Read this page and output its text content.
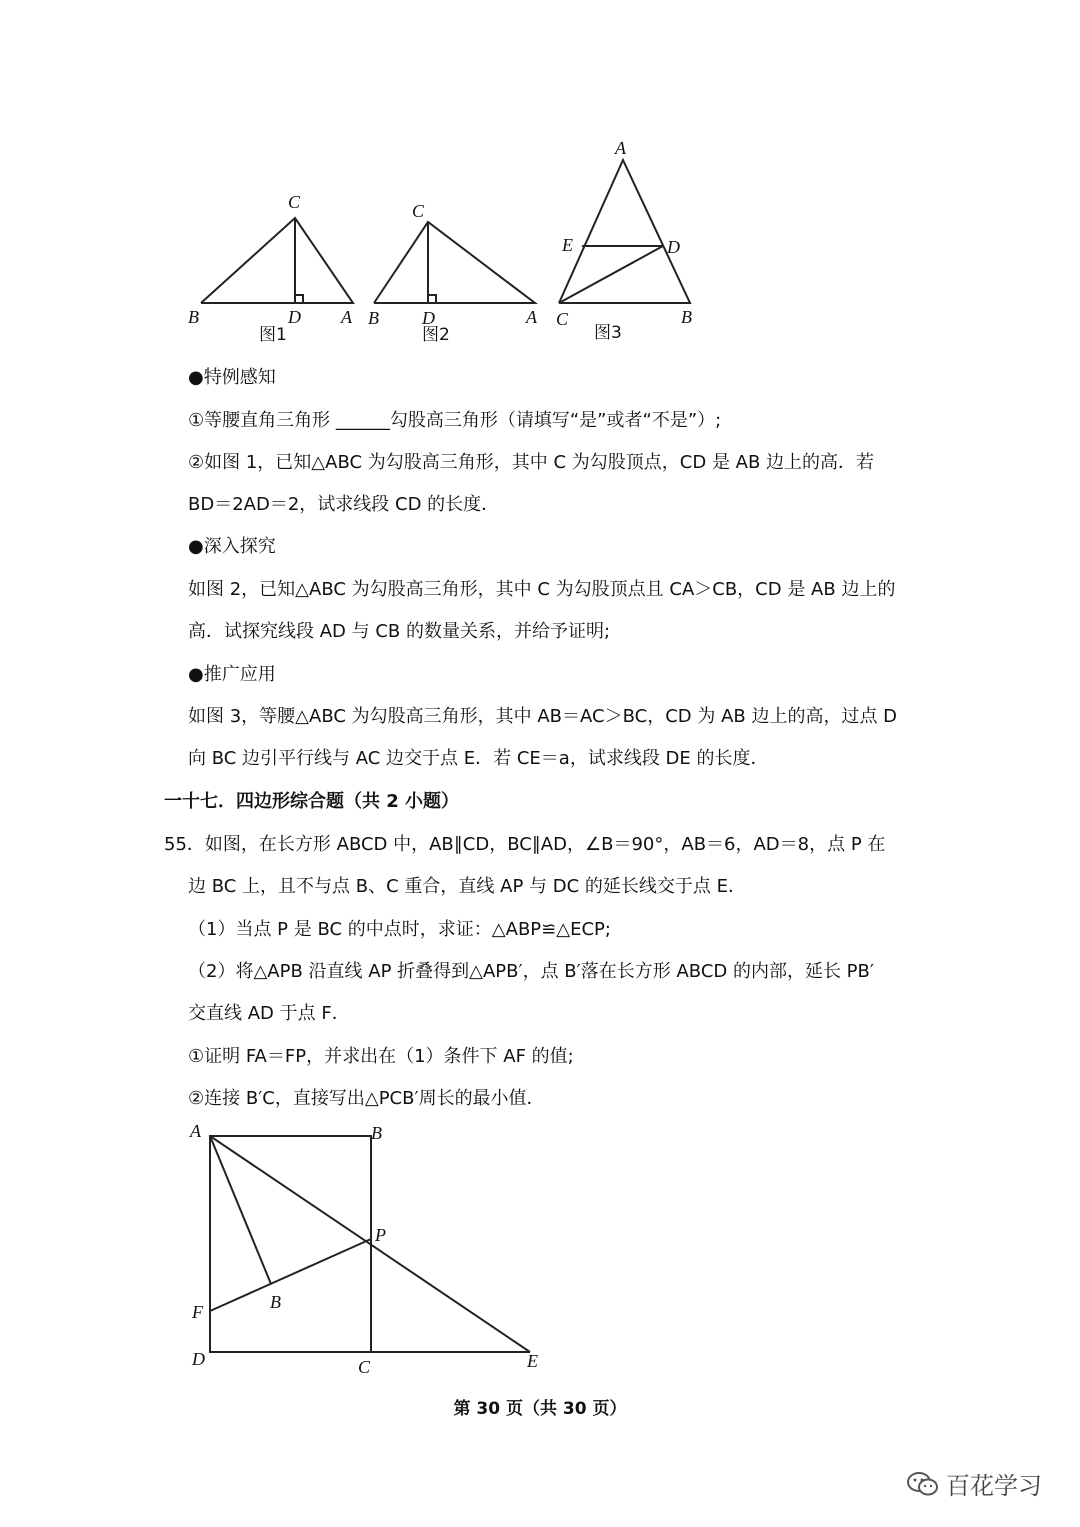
C
B	D A
C
B D	A
A
E	D
C	B
图1	图2	图3
●特例感知
①等腰直角三角形 ______勾股高三角形（请填写“是”或者“不是”）;
②如图 1，已知△ABC 为勾股高三角形，其中 C 为勾股顶点，CD 是 AB 边上的高．若
BD＝2AD＝2，试求线段 CD 的长度．
●深入探究
如图 2，已知△ABC 为勾股高三角形，其中 C 为勾股顶点且 CA＞CB，CD 是 AB 边上的
高．试探究线段 AD 与 CB 的数量关系，并给予证明;
●推广应用
如图 3，等腰△ABC 为勾股高三角形，其中 AB＝AC＞BC，CD 为 AB 边上的高，过点 D
向 BC 边引平行线与 AC 边交于点 E．若 CE＝a，试求线段 DE 的长度．
一十七．四边形综合题（共 2 小题）
55．如图，在长方形 ABCD 中，AB∥CD，BC∥AD，∠B＝90°，AB＝6，AD＝8，点 P 在
边 BC 上，且不与点 B、C 重合，直线 AP 与 DC 的延长线交于点 E．
（1）当点 P 是 BC 的中点时，求证：△ABP≌△ECP;
（2）将△APB 沿直线 AP 折叠得到△APB′，点 B′落在长方形 ABCD 的内部，延长 PB′
交直线 AD 于点 F．
①证明 FA＝FP，并求出在（1）条件下 AF 的值;
②连接 B′C，直接写出△PCB′周长的最小值．
A	B
P
B
F
D	C	E
第 30 页（共 30 页）
百花学习
